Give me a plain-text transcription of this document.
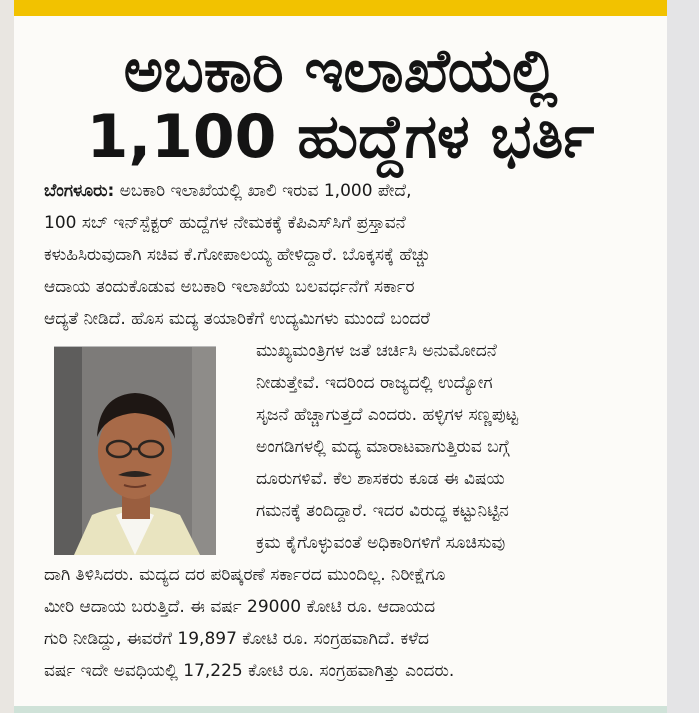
ಅಬಕಾರಿ ಇಲಾಖೆಯಲ್ಲಿ
1,100 ಹುದ್ದೆಗಳ ಭರ್ತಿ
ಬೆಂಗಳೂರು: ಅಬಕಾರಿ ಇಲಾಖೆಯಲ್ಲಿ ಖಾಲಿ ಇರುವ 1,000 ಪೇದೆ,
100 ಸಬ್ ಇನ್‌ಸ್ಪೆಕ್ಟರ್ ಹುದ್ದೆಗಳ ನೇಮಕಕ್ಕೆ ಕೆಪಿಎಸ್‌ಸಿಗೆ ಪ್ರಸ್ತಾವನೆ
ಕಳುಹಿಸಿರುವುದಾಗಿ ಸಚಿವ ಕೆ.ಗೋಪಾಲಯ್ಯ ಹೇಳಿದ್ದಾರೆ. ಬೊಕ್ಕಸಕ್ಕೆ ಹೆಚ್ಚು
ಆದಾಯ ತಂದುಕೊಡುವ ಅಬಕಾರಿ ಇಲಾಖೆಯ ಬಲವರ್ಧನೆಗೆ ಸರ್ಕಾರ
ಆದ್ಯತೆ ನೀಡಿದೆ. ಹೊಸ ಮದ್ಯ ತಯಾರಿಕೆಗೆ ಉದ್ಯಮಿಗಳು ಮುಂದೆ ಬಂದರೆ
ಮುಖ್ಯಮಂತ್ರಿಗಳ ಜತೆ ಚರ್ಚಿಸಿ ಅನುಮೋದನೆ
ನೀಡುತ್ತೇವೆ. ಇದರಿಂದ ರಾಜ್ಯದಲ್ಲಿ ಉದ್ಯೋಗ
ಸೃಜನೆ ಹೆಚ್ಚಾಗುತ್ತದೆ ಎಂದರು. ಹಳ್ಳಿಗಳ ಸಣ್ಣಪುಟ್ಟ
ಅಂಗಡಿಗಳಲ್ಲಿ ಮದ್ಯ ಮಾರಾಟವಾಗುತ್ತಿರುವ ಬಗ್ಗೆ
ದೂರುಗಳಿವೆ. ಕೆಲ ಶಾಸಕರು ಕೂಡ ಈ ವಿಷಯ
ಗಮನಕ್ಕೆ ತಂದಿದ್ದಾರೆ. ಇದರ ವಿರುದ್ಧ ಕಟ್ಟುನಿಟ್ಟಿನ
ಕ್ರಮ ಕೈಗೊಳ್ಳುವಂತೆ ಅಧಿಕಾರಿಗಳಿಗೆ ಸೂಚಿಸುವು
ದಾಗಿ ತಿಳಿಸಿದರು. ಮದ್ಯದ ದರ ಪರಿಷ್ಕರಣೆ ಸರ್ಕಾರದ ಮುಂದಿಲ್ಲ. ನಿರೀಕ್ಷೆಗೂ
ಮೀರಿ ಆದಾಯ ಬರುತ್ತಿದೆ. ಈ ವರ್ಷ 29000 ಕೋಟಿ ರೂ. ಆದಾಯದ
ಗುರಿ ನೀಡಿದ್ದು, ಈವರೆಗೆ 19,897 ಕೋಟಿ ರೂ. ಸಂಗ್ರಹವಾಗಿದೆ. ಕಳೆದ
ವರ್ಷ ಇದೇ ಅವಧಿಯಲ್ಲಿ 17,225 ಕೋಟಿ ರೂ. ಸಂಗ್ರಹವಾಗಿತ್ತು ಎಂದರು.
